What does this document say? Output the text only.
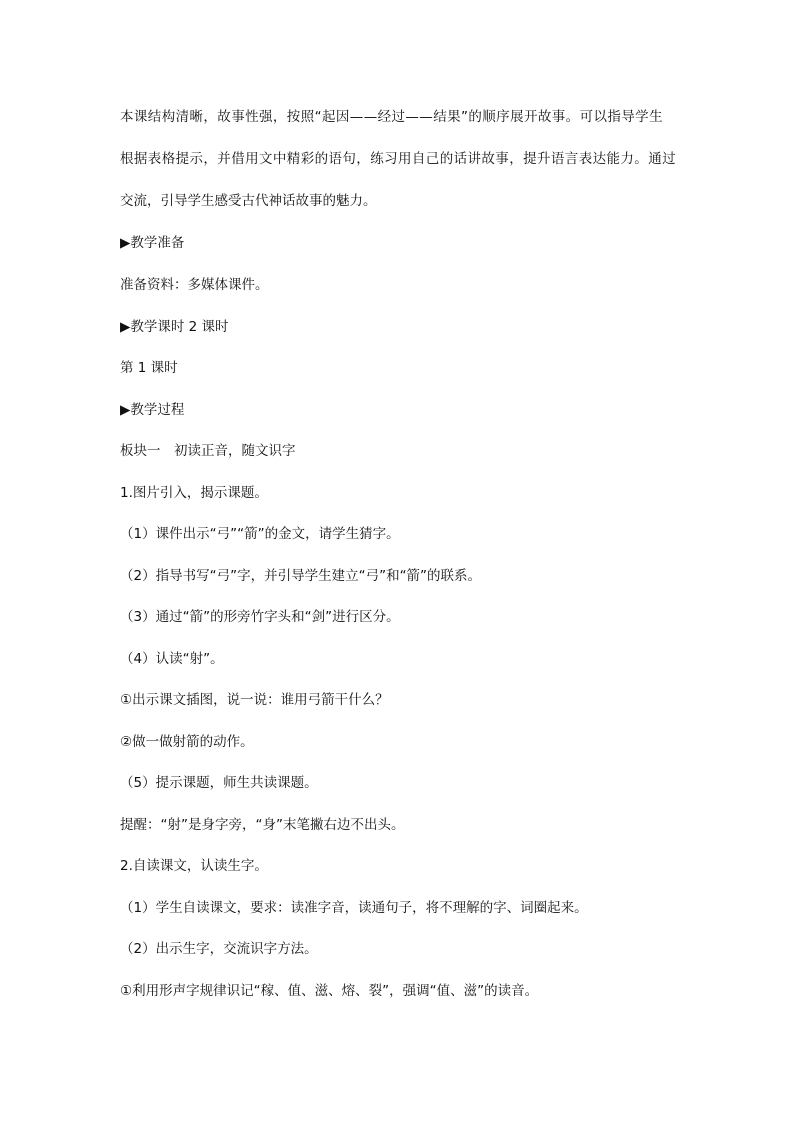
本课结构清晰，故事性强，按照“起因——经过——结果”的顺序展开故事。可以指导学生
根据表格提示，并借用文中精彩的语句，练习用自己的话讲故事，提升语言表达能力。通过
交流，引导学生感受古代神话故事的魅力。
▶教学准备
准备资料：多媒体课件。
▶教学课时 2 课时
第 1 课时
▶教学过程
板块一　初读正音，随文识字
1.图片引入，揭示课题。
（1）课件出示“弓”“箭”的金文，请学生猜字。
（2）指导书写“弓”字，并引导学生建立“弓”和“箭”的联系。
（3）通过“箭”的形旁竹字头和“剑”进行区分。
（4）认读“射”。
①出示课文插图，说一说：谁用弓箭干什么？
②做一做射箭的动作。
（5）提示课题，师生共读课题。
提醒：“射”是身字旁，“身”末笔撇右边不出头。
2.自读课文，认读生字。
（1）学生自读课文，要求：读准字音，读通句子，将不理解的字、词圈起来。
（2）出示生字，交流识字方法。
①利用形声字规律识记“稼、值、滋、熔、裂”，强调“值、滋”的读音。
